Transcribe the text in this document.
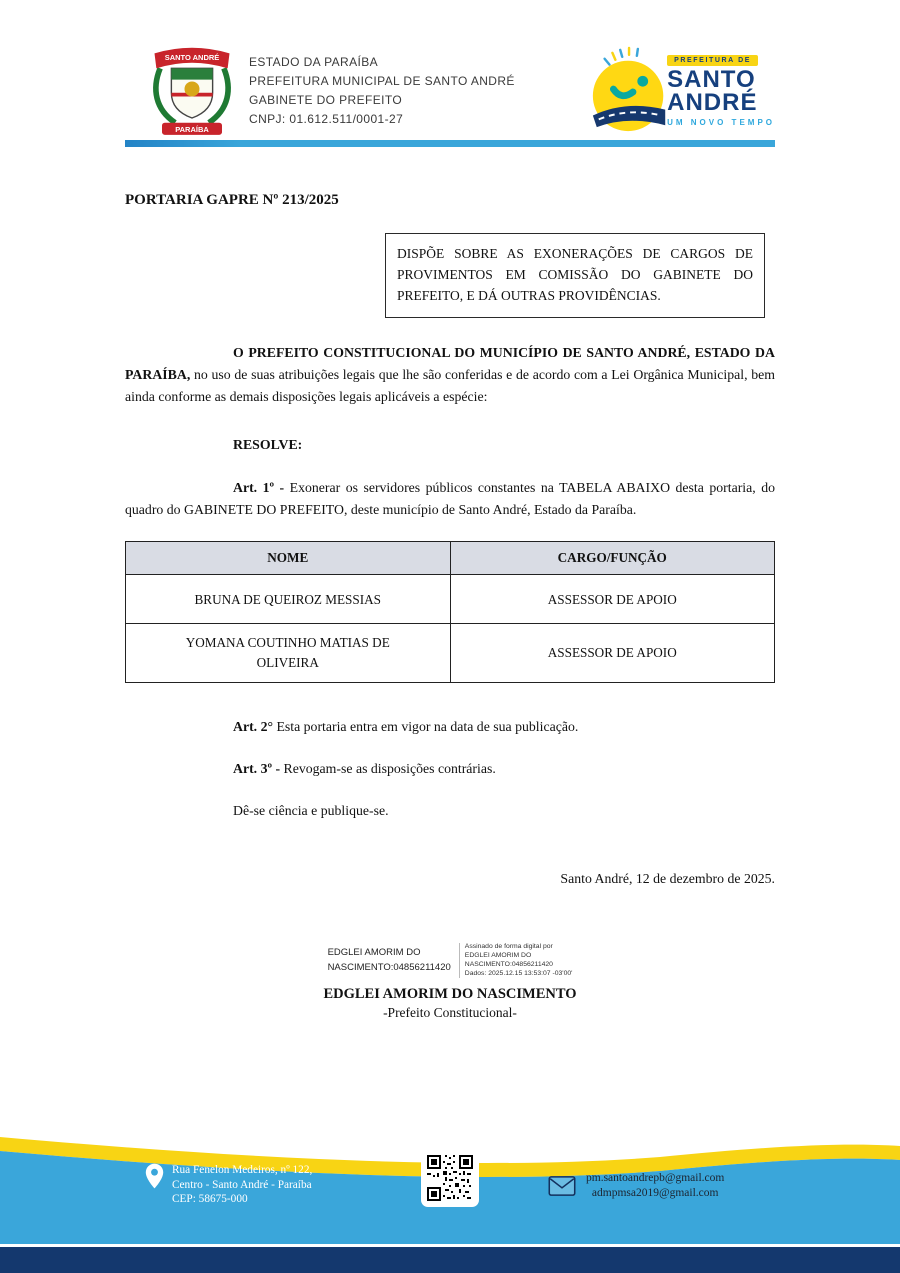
SANTO ANDRÉ
PARAÍBA
ESTADO DA PARAÍBA
PREFEITURA MUNICIPAL DE SANTO ANDRÉ
GABINETE DO PREFEITO
CNPJ: 01.612.511/0001-27
PREFEITURA DE
SANTO
ANDRÉ
UM NOVO TEMPO
PORTARIA GAPRE Nº 213/2025
DISPÕE SOBRE AS EXONERAÇÕES DE CARGOS DE PROVIMENTOS EM COMISSÃO DO GABINETE DO PREFEITO, E DÁ OUTRAS PROVIDÊNCIAS.

O PREFEITO CONSTITUCIONAL DO MUNICÍPIO DE SANTO ANDRÉ, ESTADO DA PARAÍBA, no uso de suas atribuições legais que lhe são conferidas e de acordo com a Lei Orgânica Municipal, bem ainda conforme as demais disposições legais aplicáveis a espécie:

RESOLVE:

Art. 1º - Exonerar os servidores públicos constantes na TABELA ABAIXO desta portaria, do quadro do GABINETE DO PREFEITO, deste município de Santo André, Estado da Paraíba.

NOME	CARGO/FUNÇÃO
BRUNA DE QUEIROZ MESSIAS	ASSESSOR DE APOIO
YOMANA COUTINHO MATIAS DE OLIVEIRA	ASSESSOR DE APOIO

Art. 2° Esta portaria entra em vigor na data de sua publicação.

Art. 3º - Revogam-se as disposições contrárias.

Dê-se ciência e publique-se.

Santo André, 12 de dezembro de 2025.

EDGLEI AMORIM DO
NASCIMENTO:04856211420
Assinado de forma digital por
EDGLEI AMORIM DO
NASCIMENTO:04856211420
Dados: 2025.12.15 13:53:07 -03'00'
EDGLEI AMORIM DO NASCIMENTO
-Prefeito Constitucional-
Rua Fenelon Medeiros, nº 122,
Centro - Santo André - Paraíba
CEP: 58675-000
pm.santoandrepb@gmail.com
admpmsa2019@gmail.com
